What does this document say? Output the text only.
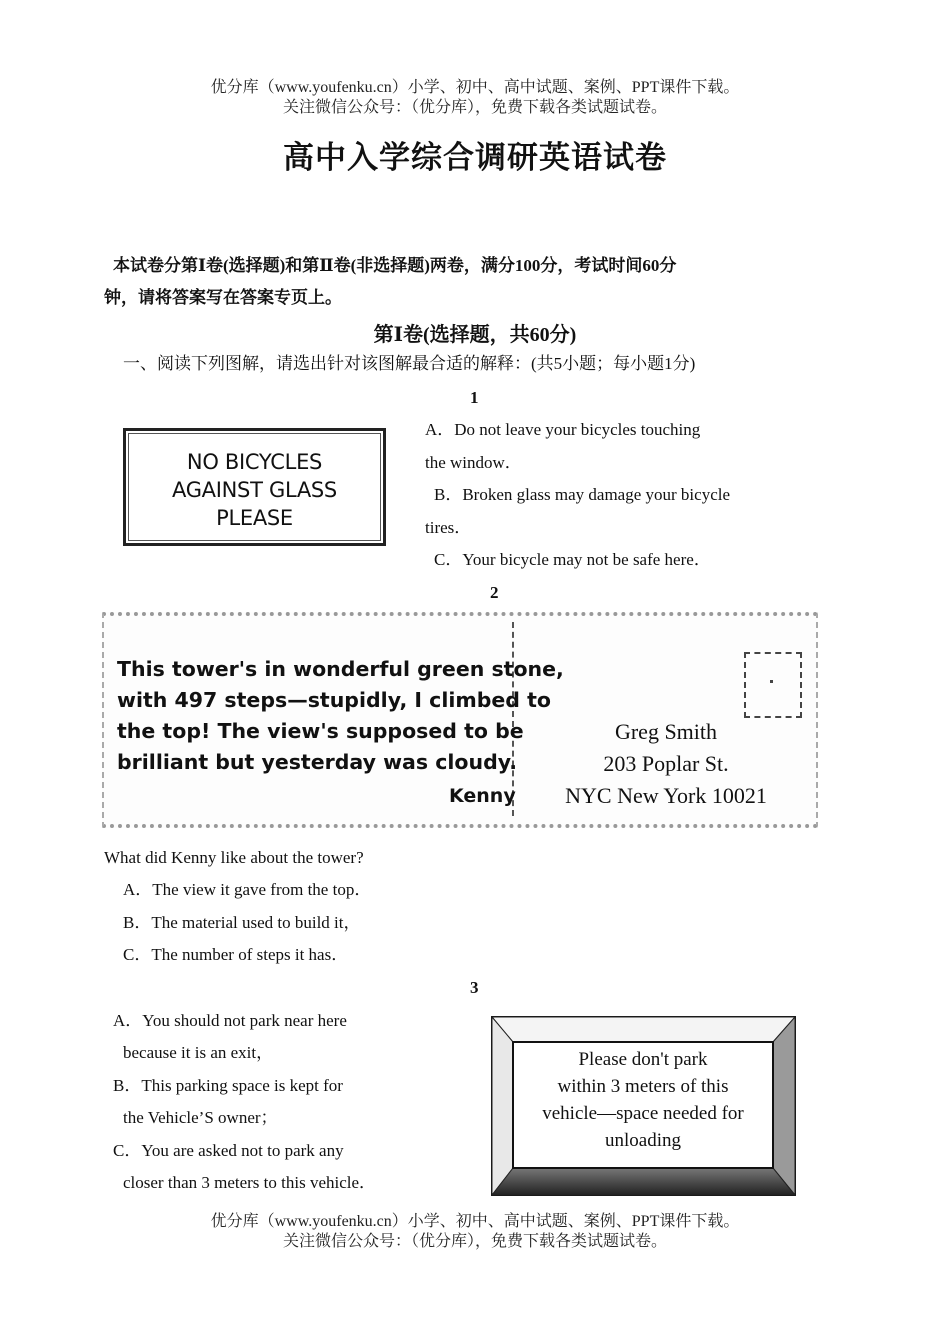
优分库（www.youfenku.cn）小学、初中、高中试题、案例、PPT课件下载。
关注微信公众号：（优分库），免费下载各类试题试卷。
高中入学综合调研英语试卷
本试卷分第Ⅰ卷(选择题)和第Ⅱ卷(非选择题)两卷，满分100分，考试时间60分
钟，请将答案写在答案专页上。
第Ⅰ卷(选择题，共60分)
一、阅读下列图解，请选出针对该图解最合适的解释：(共5小题；每小题1分)
1
NO BICYCLES
AGAINST GLASS
PLEASE
A．Do not leave your bicycles touching
the window．
B．Broken glass may damage your bicycle
tires．
C．Your bicycle may not be safe here．
2
This tower's in wonderful green stone,
with 497 steps—stupidly, I climbed to
the top! The view's supposed to be
brilliant but yesterday was cloudy.
Kenny
Greg Smith
203 Poplar St.
NYC New York 10021
What did Kenny like about the tower?
A．The view it gave from the top．
B．The material used to build it，
C．The number of steps it has．
3
A．You should not park near here
because it is an exit，
B．This parking space is kept for
the Vehicle’S owner；
C．You are asked not to park any
closer than 3 meters to this vehicle．
Please don't park
within 3 meters of this
vehicle—space needed for
unloading
优分库（www.youfenku.cn）小学、初中、高中试题、案例、PPT课件下载。
关注微信公众号：（优分库），免费下载各类试题试卷。
